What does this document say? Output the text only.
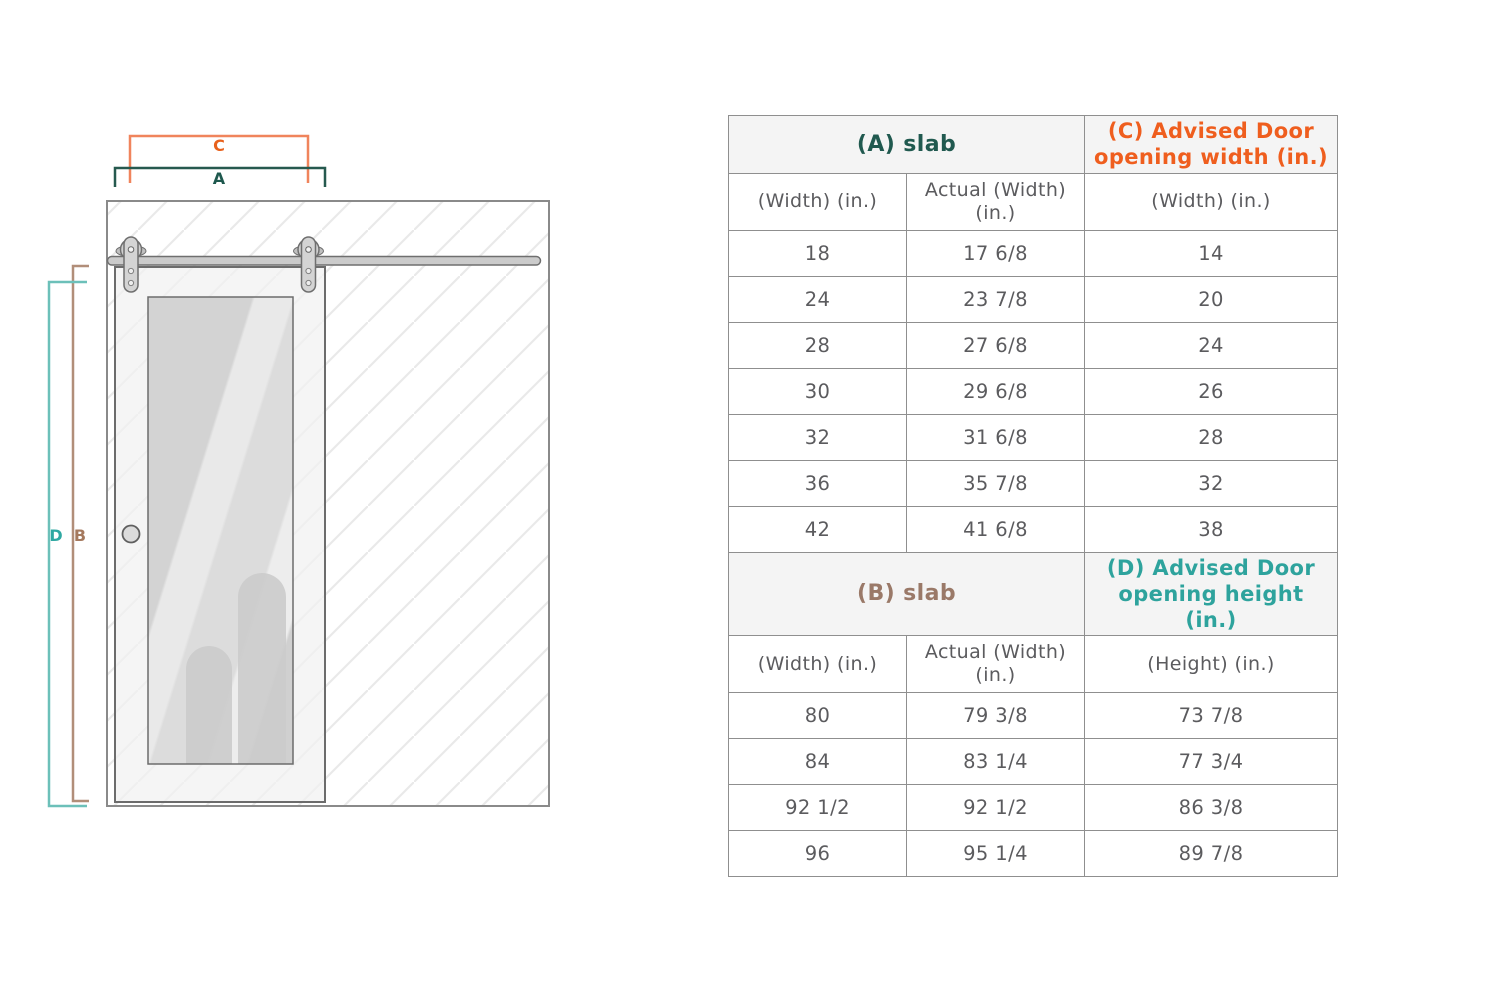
C
A
D B
(A) slab		(C) Advised Door opening width (in.)
(Width) (in.)	Actual (Width) (in.)	(Width) (in.)
18	17 6/8	14
24	23 7/8	20
28	27 6/8	24
30	29 6/8	26
32	31 6/8	28
36	35 7/8	32
42	41 6/8	38
(B) slab		(D) Advised Door opening height (in.)
(Width) (in.)	Actual (Width) (in.)	(Height) (in.)
80	79 3/8	73 7/8
84	83 1/4	77 3/4
92 1/2	92 1/2	86 3/8
96	95 1/4	89 7/8
